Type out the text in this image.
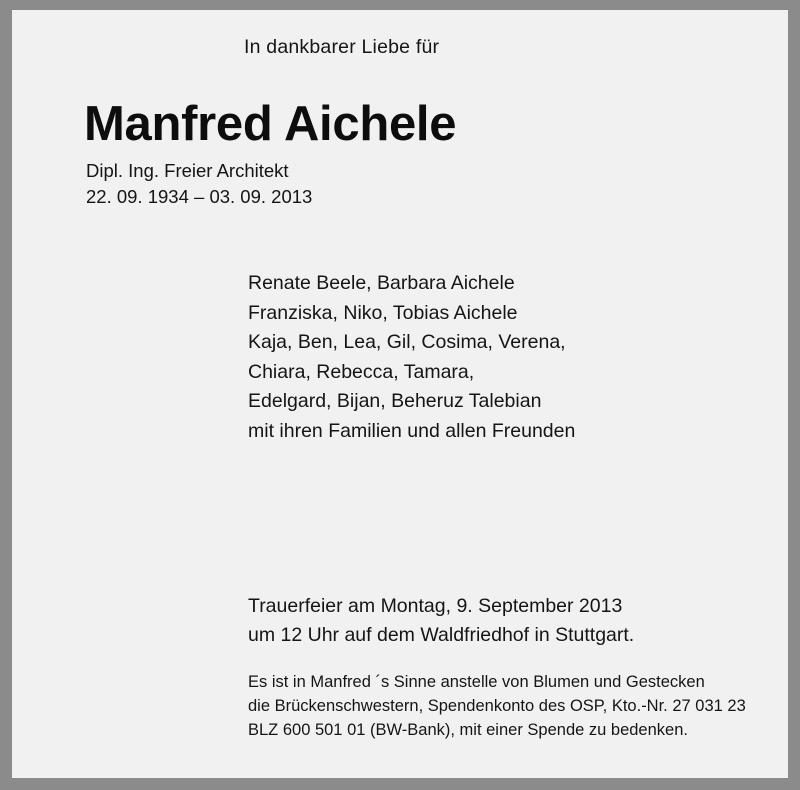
In dankbarer Liebe für
Manfred Aichele
Dipl. Ing. Freier Architekt
22. 09. 1934 – 03. 09. 2013
Renate Beele, Barbara Aichele
Franziska, Niko, Tobias Aichele
Kaja, Ben, Lea, Gil, Cosima, Verena,
Chiara, Rebecca, Tamara,
Edelgard, Bijan, Beheruz Talebian
mit ihren Familien und allen Freunden
Trauerfeier am Montag, 9. September 2013
um 12 Uhr auf dem Waldfriedhof in Stuttgart.
Es ist in Manfred ´s Sinne anstelle von Blumen und Gestecken
die Brückenschwestern, Spendenkonto des OSP, Kto.-Nr. 27 031 23
BLZ 600 501 01 (BW-Bank), mit einer Spende zu bedenken.
